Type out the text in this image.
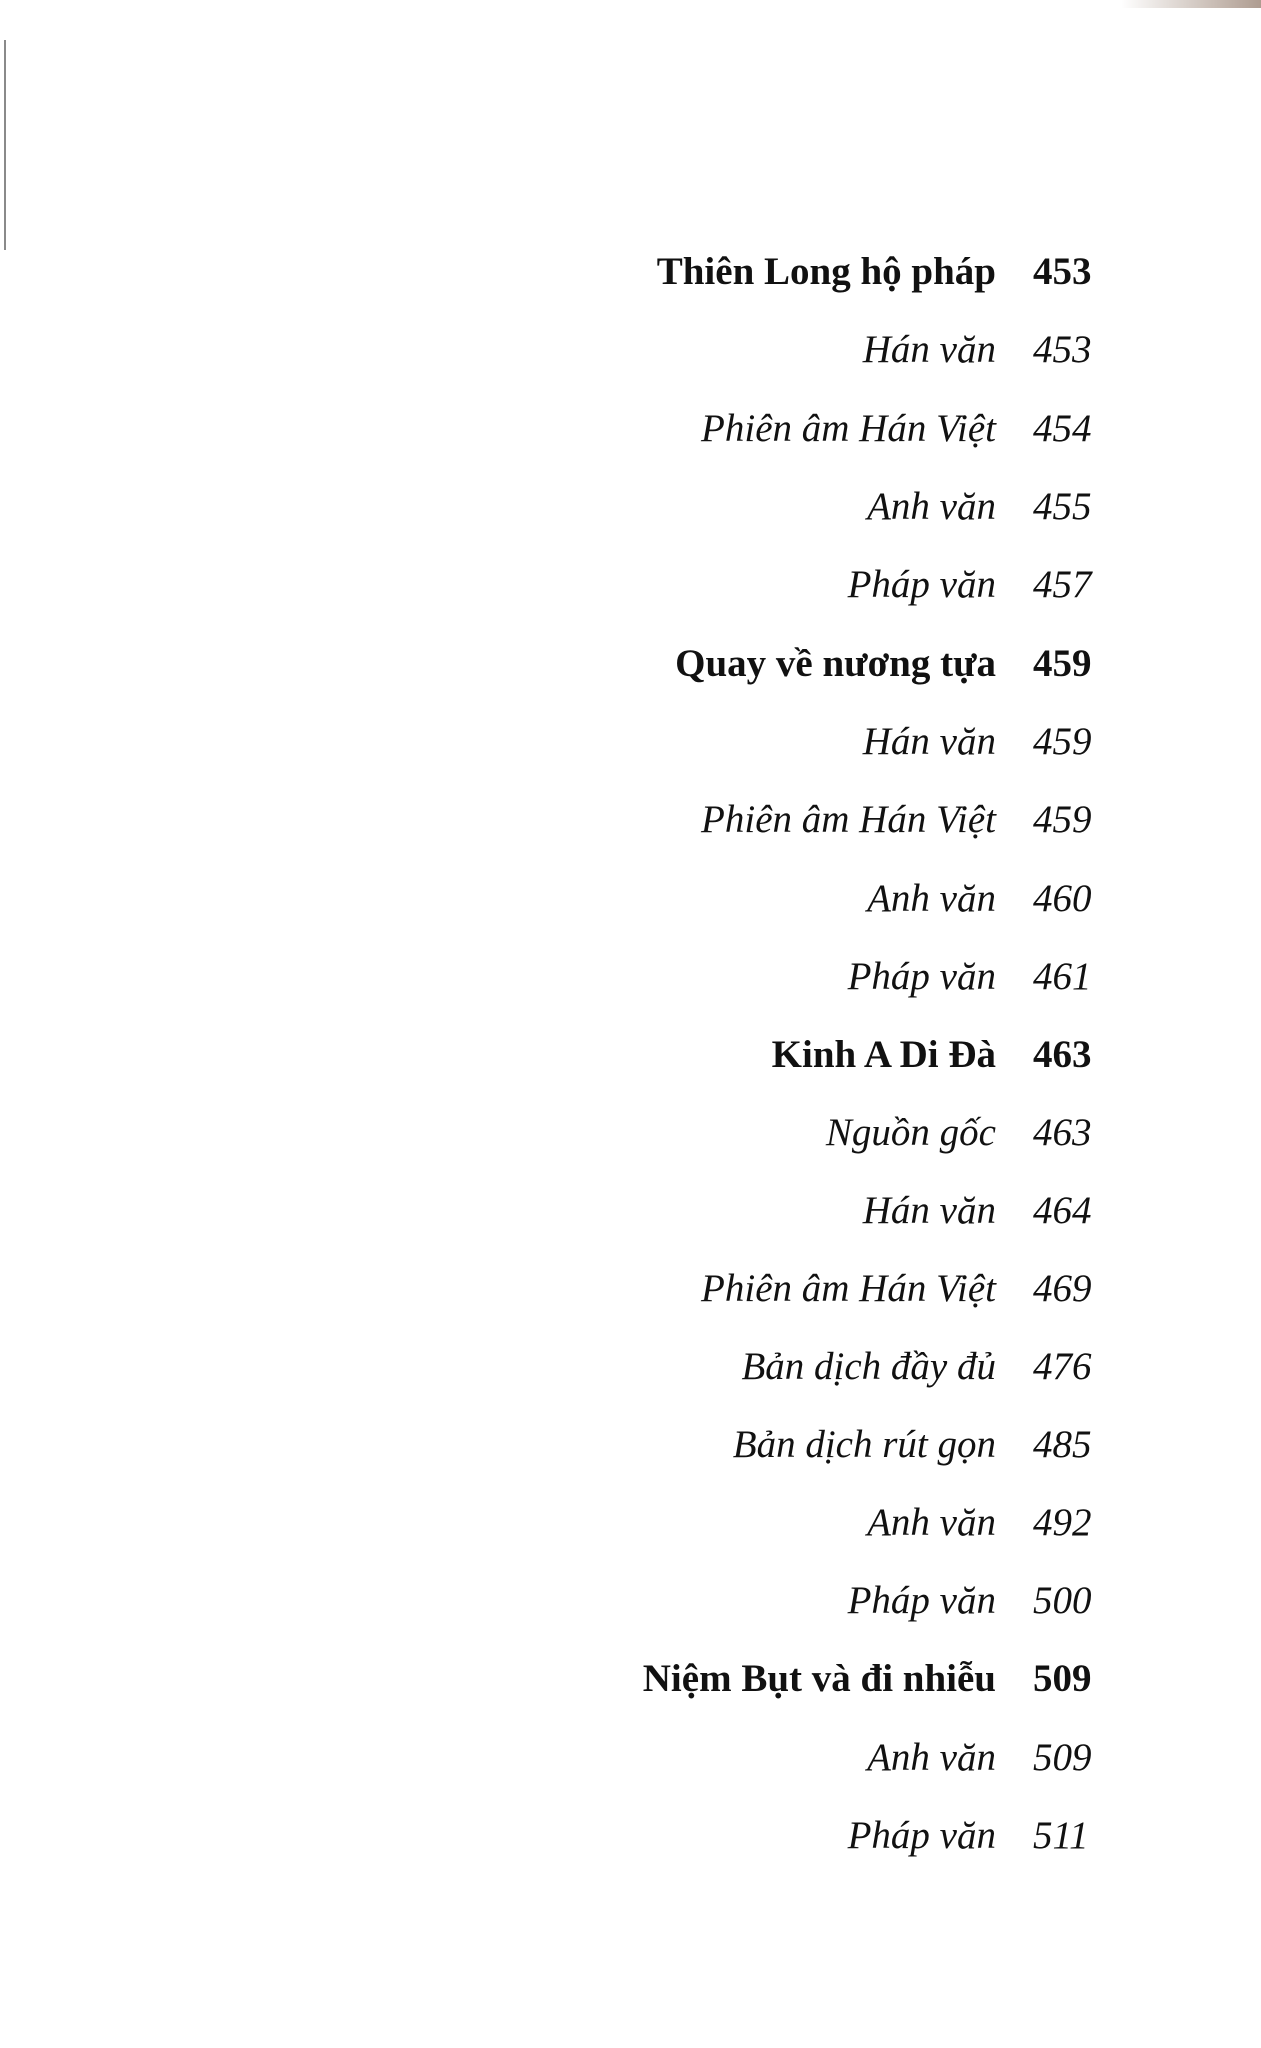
Thiên Long hộ pháp 453
Hán văn 453
Phiên âm Hán Việt 454
Anh văn 455
Pháp văn 457
Quay về nương tựa 459
Hán văn 459
Phiên âm Hán Việt 459
Anh văn 460
Pháp văn 461
Kinh A Di Đà 463
Nguồn gốc 463
Hán văn 464
Phiên âm Hán Việt 469
Bản dịch đầy đủ 476
Bản dịch rút gọn 485
Anh văn 492
Pháp văn 500
Niệm Bụt và đi nhiễu 509
Anh văn 509
Pháp văn 511
